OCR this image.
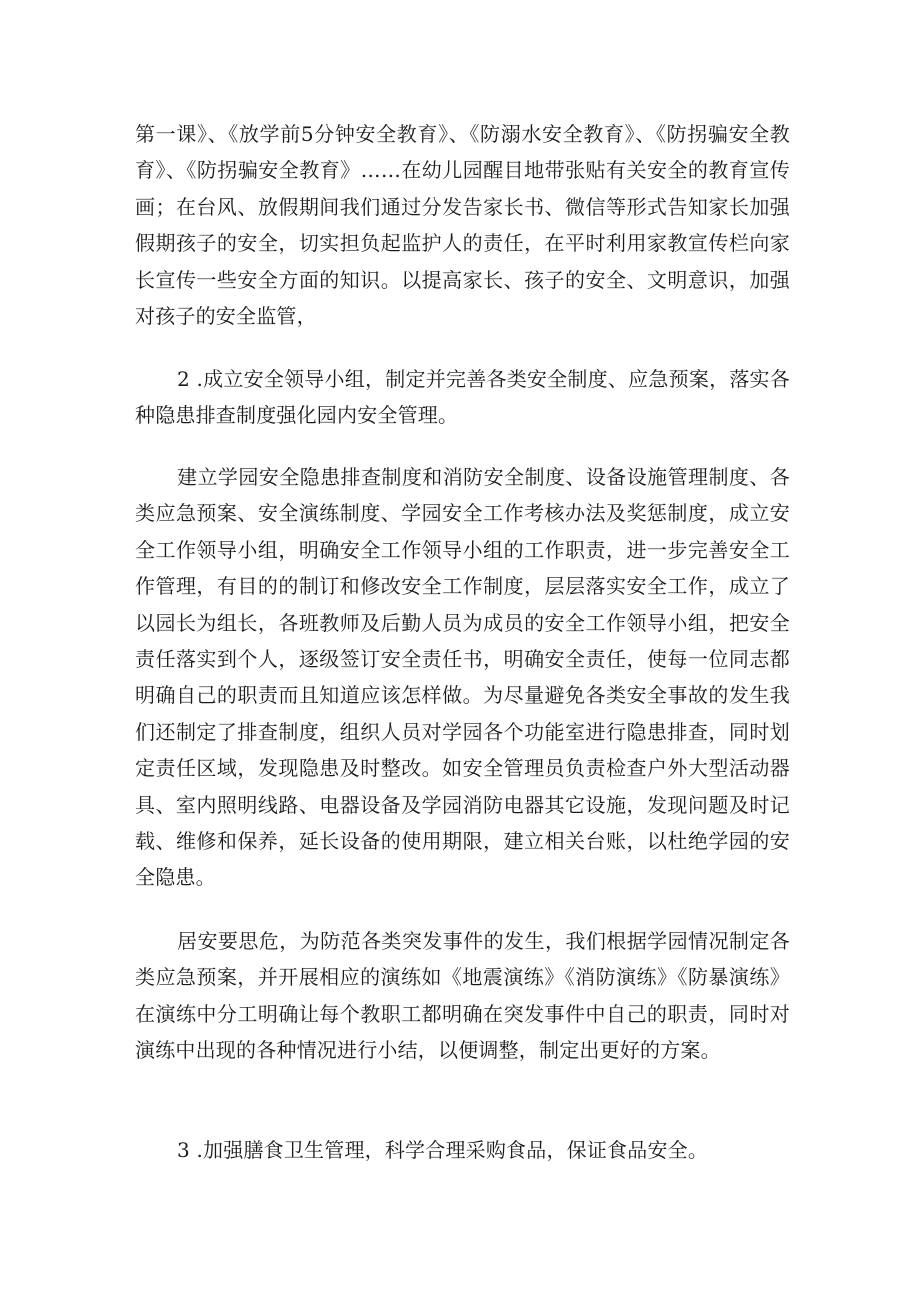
第一课》、《放学前5分钟安全教育》、《防溺水安全教育》、《防拐骗安全教育》、《防拐骗安全教育》……在幼儿园醒目地带张贴有关安全的教育宣传画；在台风、放假期间我们通过分发告家长书、微信等形式告知家长加强假期孩子的安全，切实担负起监护人的责任，在平时利用家教宣传栏向家长宣传一些安全方面的知识。以提高家长、孩子的安全、文明意识，加强对孩子的安全监管，

2 .成立安全领导小组，制定并完善各类安全制度、应急预案，落实各种隐患排查制度强化园内安全管理。

建立学园安全隐患排查制度和消防安全制度、设备设施管理制度、各类应急预案、安全演练制度、学园安全工作考核办法及奖惩制度，成立安全工作领导小组，明确安全工作领导小组的工作职责，进一步完善安全工作管理，有目的的制订和修改安全工作制度，层层落实安全工作，成立了以园长为组长，各班教师及后勤人员为成员的安全工作领导小组，把安全责任落实到个人，逐级签订安全责任书，明确安全责任，使每一位同志都明确自己的职责而且知道应该怎样做。为尽量避免各类安全事故的发生我们还制定了排查制度，组织人员对学园各个功能室进行隐患排查，同时划定责任区域，发现隐患及时整改。如安全管理员负责检查户外大型活动器具、室内照明线路、电器设备及学园消防电器其它设施，发现问题及时记载、维修和保养，延长设备的使用期限，建立相关台账，以杜绝学园的安全隐患。

居安要思危，为防范各类突发事件的发生，我们根据学园情况制定各类应急预案，并开展相应的演练如《地震演练》《消防演练》《防暴演练》在演练中分工明确让每个教职工都明确在突发事件中自己的职责，同时对演练中出现的各种情况进行小结，以便调整，制定出更好的方案。

3 .加强膳食卫生管理，科学合理采购食品，保证食品安全。
